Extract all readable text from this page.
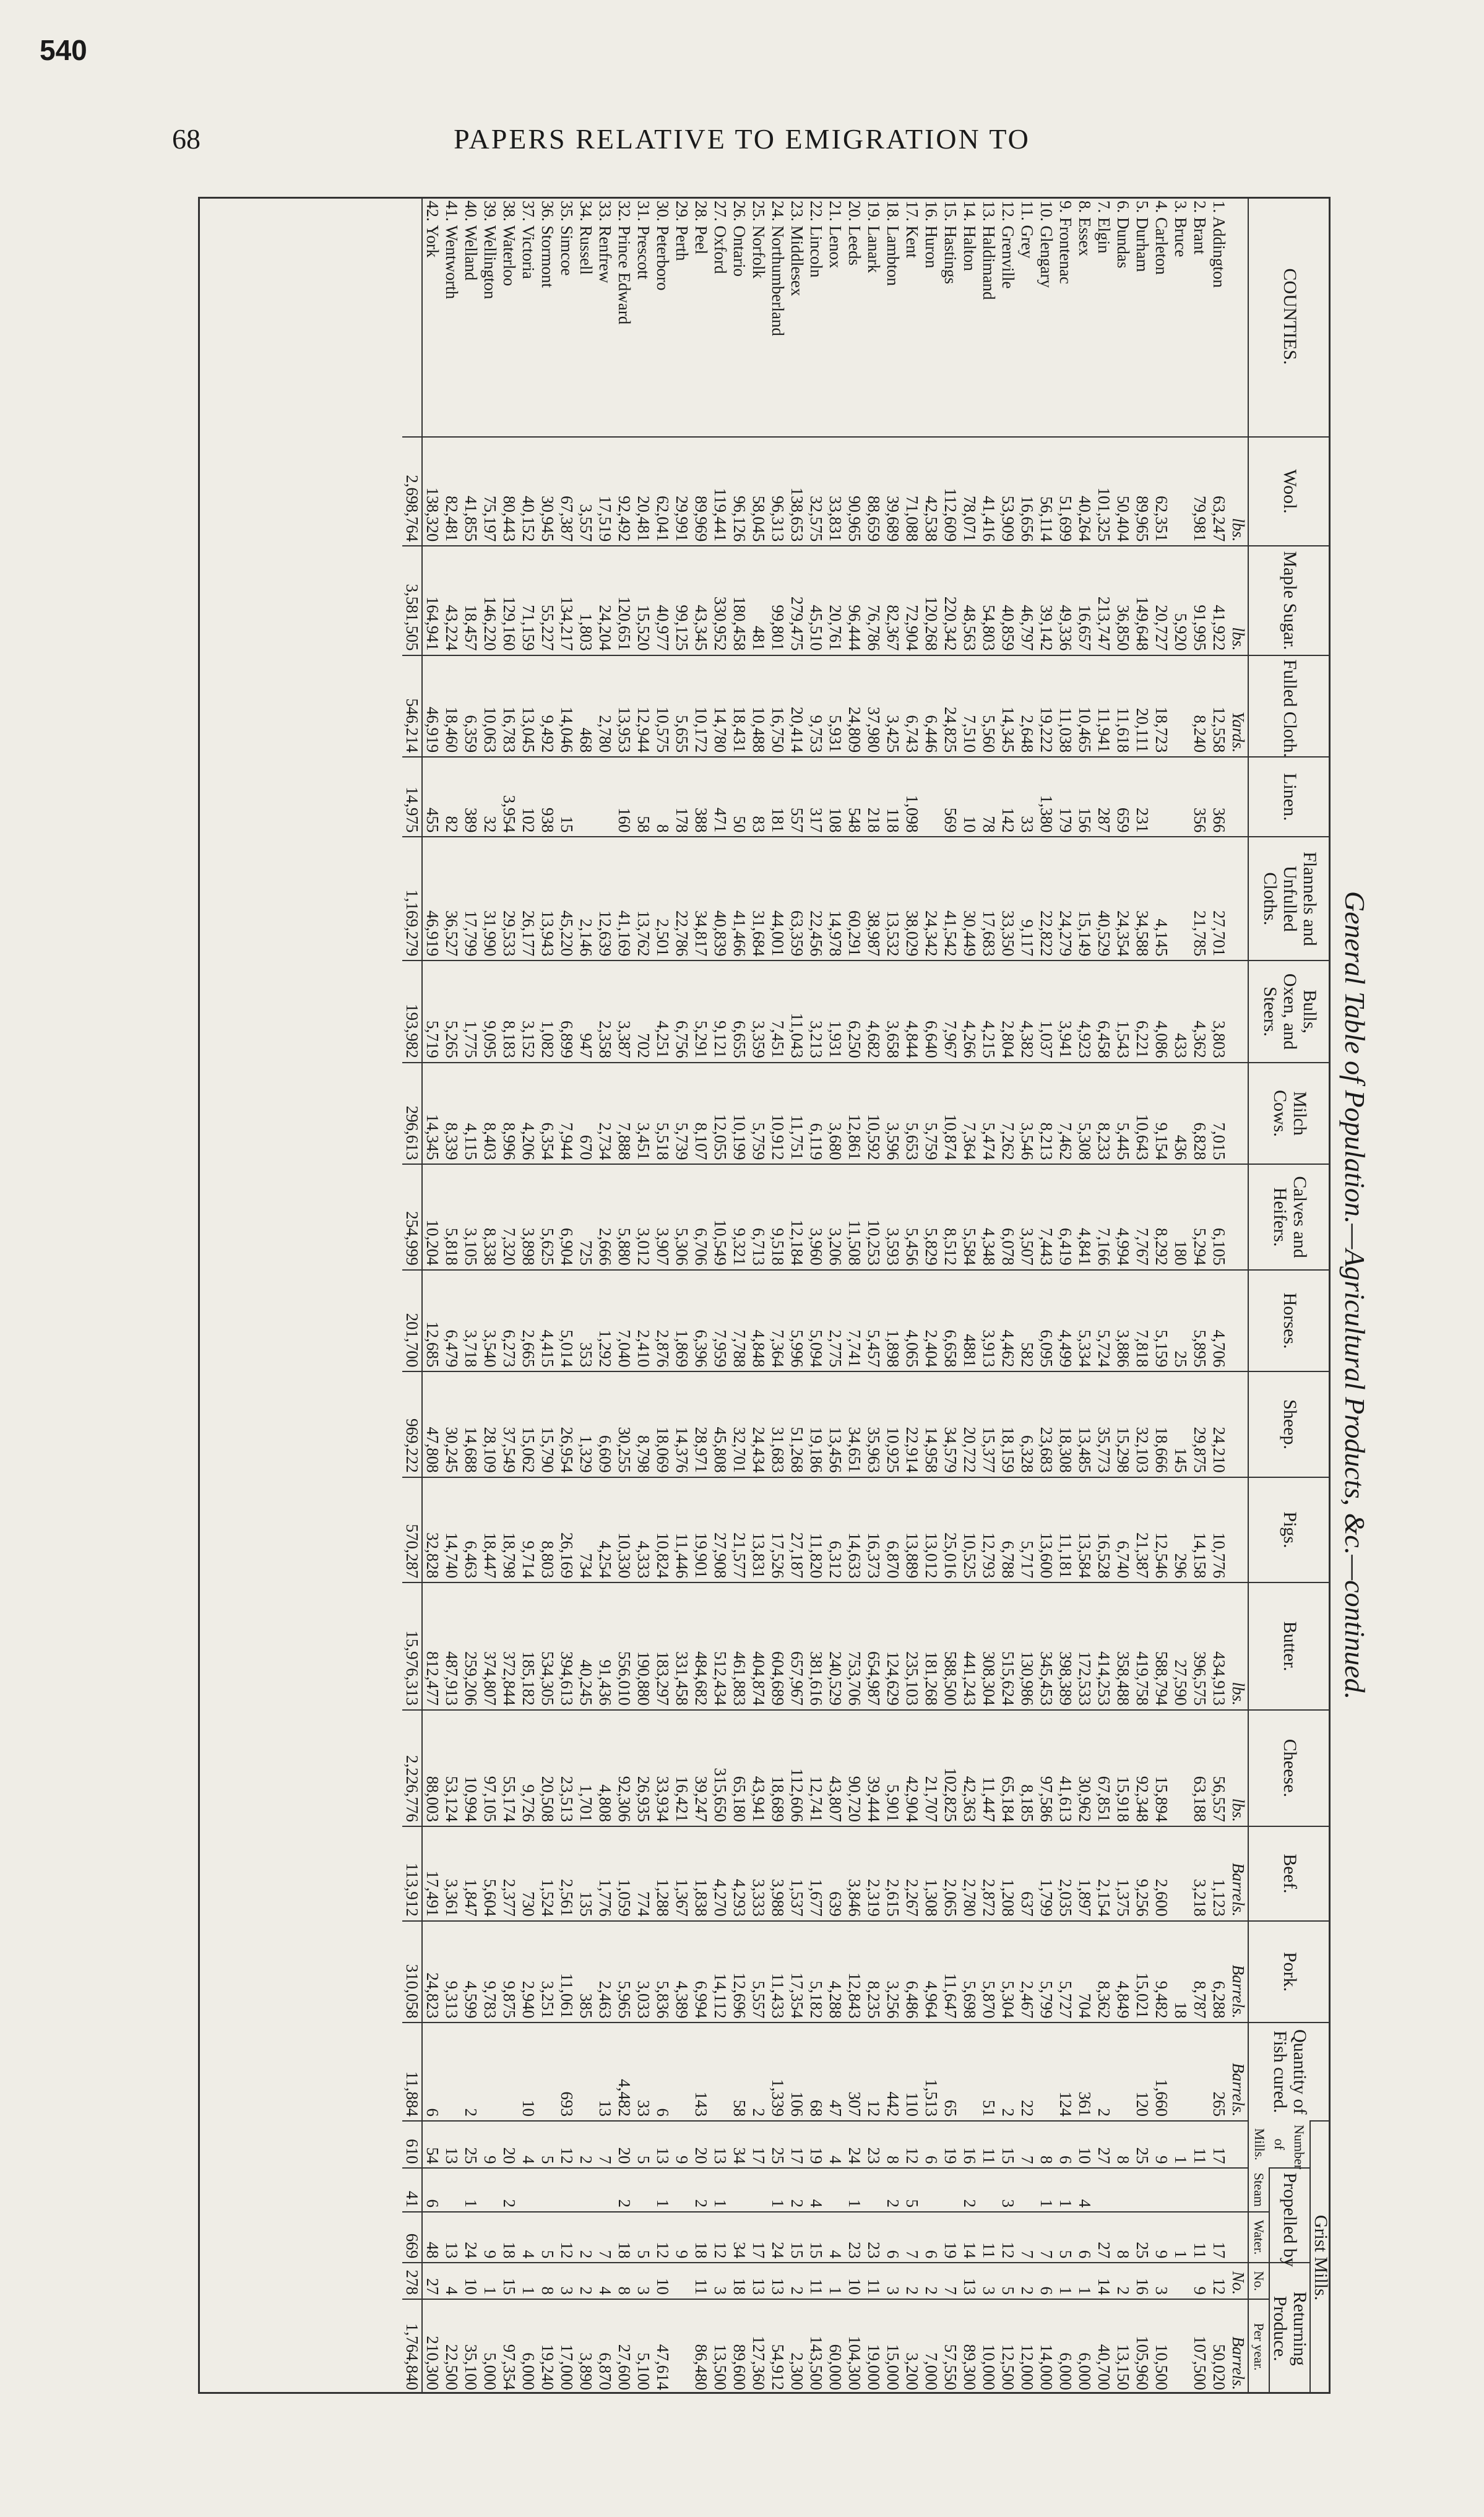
540
68	PAPERS RELATIVE TO EMIGRATION TO
General Table of Population.—Agricultural Products, &c.—continued.
COUNTIES.	Wool.	Maple Sugar.	Fulled Cloth.	Linen.	Flannels and Unfulled Cloths.	Bulls, Oxen, and Steers.	Milch Cows.	Calves and Heifers.	Horses.	Sheep.	Pigs.	Butter.	Cheese.	Beef.	Pork.	Quantity of Fish cured.	Grist Mills.				
																	Number of Mills.	Propelled by		Returning Produce.	
																		Steam	Water.	No.	Per year.
	lbs.	lbs.	Yards.									lbs.	lbs.	Barrels.	Barrels.	Barrels.				No.	Barrels.
1. Addington	63,247	41,922	12,558	366	27,701	3,803	7,015	6,105	4,706	24,210	10,776	434,913	56,557	1,123	6,288	265	17		17	12	50,020
2. Brant	79,981	91,995	8,240	356	21,785	4,362	6,828	5,294	5,895	29,875	14,158	396,575	63,188	3,218	8,787		11		11	9	107,500
3. Bruce		5,920				433	436	180	25	145	296	27,590			18		1		1		
4. Carleton	62,351	20,727	18,723		4,145	4,086	9,154	8,292	5,159	18,666	12,546	588,794	15,894	2,600	9,482	1,660	9		9	3	10,500
5. Durham	89,965	149,648	20,111	231	34,588	6,221	10,643	7,767	7,818	32,103	21,387	419,758	92,348	9,256	15,021	120	25		25	16	105,960
6. Dundas	50,404	36,850	11,618	659	24,354	1,543	5,445	4,994	3,886	15,298	6,740	358,488	15,918	1,375	4,849		8		8	2	13,150
7. Elgin	101,325	213,747	11,941	287	40,529	6,458	8,233	7,166	5,724	35,773	16,528	414,253	67,851	2,154	8,362	2	27		27	14	40,700
8. Essex	40,264	16,657	10,465	156	15,149	4,923	5,308	4,841	5,334	13,485	13,584	172,533	30,962	1,897	704	361	10	4	6	1	6,000
9. Frontenac	51,699	49,336	11,038	179	24,279	3,941	7,462	6,419	4,499	18,308	11,181	398,389	41,613	2,035	5,727	124	6	1	5	1	6,000
10. Glengary	56,114	39,142	19,222	1,380	22,822	1,037	8,213	7,443	6,095	23,683	13,600	345,453	97,586	1,799	5,799		8	1	7	6	14,000
11. Grey	16,656	46,797	2,648	33	9,117	4,382	3,546	3,507	582	6,328	5,717	130,986	8,185	637	2,467	22	7		7	2	12,000
12. Grenville	53,909	40,859	14,345	142	33,350	2,804	7,262	6,078	4,462	18,159	6,788	515,624	65,184	1,208	5,304	2	15	3	12	5	12,500
13. Haldimand	41,416	54,803	5,560	78	17,683	4,215	5,474	4,348	3,913	15,377	12,793	308,304	11,447	2,872	5,870	51	11		11	3	10,000
14. Halton	78,071	48,563	7,510	10	30,449	4,266	7,364	5,584	4881	20,722	10,525	441,243	42,363	2,780	5,698		16	2	14	13	89,300
15. Hastings	112,609	220,342	24,825	569	41,542	7,967	10,874	8,512	6,658	34,579	25,016	588,500	102,825	2,065	11,647	65	19		19	7	57,550
16. Huron	42,538	120,268	6,446		24,342	6,640	5,759	5,829	2,404	14,958	13,012	181,268	21,707	1,308	4,964	1,513	6		6	2	7,000
17. Kent	71,088	72,904	6,743	1,098	38,029	4,844	5,653	5,456	4,065	22,914	13,889	235,103	42,904	2,267	6,486	110	12	5	7	2	3,200
18. Lambton	39,689	82,367	3,425	118	13,532	3,658	3,596	3,593	1,898	10,925	6,870	124,629	5,901	2,615	3,256	442	8	2	6	3	15,000
19. Lanark	88,659	76,786	37,980	218	38,987	4,682	10,592	10,253	5,457	35,963	16,373	654,987	39,444	2,319	8,235	12	23		23	11	19,000
20. Leeds	90,965	96,444	24,809	548	60,291	6,250	12,861	11,508	7,741	34,651	14,633	753,706	90,720	3,846	12,843	307	24	1	23	10	104,300
21. Lenox	33,831	20,761	5,931	108	14,978	1,931	3,680	3,206	2,775	13,456	6,312	240,529	43,807	639	4,288	47	4		4	1	60,000
22. Lincoln	32,575	45,510	9,753	317	22,456	3,213	6,119	3,960	5,094	19,186	11,820	381,616	12,741	1,677	5,182	68	19	4	15	11	143,500
23. Middlesex	138,653	279,475	20,414	557	63,359	11,043	11,751	12,184	5,996	51,268	27,187	657,967	112,606	1,537	17,354	106	17	2	15	2	2,300
24. Northumberland	96,313	99,801	16,750	181	44,001	7,451	10,912	9,518	7,364	31,683	17,526	604,689	18,689	3,988	11,433	1,339	25	1	24	13	54,912
25. Norfolk	58,045	481	10,488	83	31,684	3,359	5,759	6,713	4,848	24,434	13,831	404,874	43,941	3,333	5,557	2	17		17	13	127,360
26. Ontario	96,126	180,458	18,431	50	41,466	6,655	10,199	9,321	7,788	32,701	21,577	461,883	65,180	4,293	12,696	58	34		34	18	89,600
27. Oxford	119,441	330,952	14,780	471	40,839	9,121	12,055	10,549	7,959	45,808	27,908	512,434	315,650	4,270	14,112		13	1	12	3	13,500
28. Peel	89,969	43,345	10,172	388	34,817	5,291	8,107	6,706	6,396	28,971	19,901	484,682	39,247	1,838	6,994	143	20	2	18	11	86,480
29. Perth	29,991	99,125	5,655	178	22,786	6,756	5,739	5,306	1,869	14,376	11,446	331,458	16,421	1,367	4,389		9		9		
30. Peterboro	62,041	40,977	10,575	8	2,501	4,251	5,518	3,907	2,876	18,069	10,824	183,297	33,934	1,288	5,836	6	13	1	12	10	47,614
31. Prescott	20,481	15,520	12,944	58	13,762	702	3,451	3,012	2,410	8,798	4,333	190,880	26,935	774	3,033	33	5		5	3	5,100
32. Prince Edward	92,492	120,651	13,953	160	41,169	3,387	7,888	5,880	7,040	30,255	10,330	556,010	92,306	1,059	5,965	4,482	20	2	18	8	27,600
33. Renfrew	17,519	24,204	2,780		12,639	2,358	2,734	2,666	1,292	6,609	4,254	91,436	4,808	1,776	2,463	13	7		7	4	6,870
34. Russell	3,557	1,803	468		2,146	947	670	725	353	1,329	734	40,245	1,701	135	385		2		2	2	3,890
35. Simcoe	67,387	134,217	14,046	15	45,220	6,899	7,944	6,904	5,014	26,954	26,169	394,613	23,513	2,561	11,061	693	12		12	3	17,000
36. Stormont	30,945	55,227	9,492	938	13,943	1,082	6,354	5,625	4,415	15,790	8,803	534,305	20,508	1,524	3,251		5		5	8	19,240
37. Victoria	40,152	71,159	13,045	102	26,177	3,152	4,206	3,898	2,665	15,062	9,714	185,182	9,726	730	2,940	10	4		4	1	6,000
38. Waterloo	80,443	129,160	16,783	3,954	29,533	8,183	8,996	7,320	6,273	37,549	18,798	372,844	55,174	2,377	9,875		20	2	18	15	97,354
39. Wellington	75,197	146,220	10,063	32	31,990	9,095	8,403	8,338	3,540	28,109	18,447	374,807	97,105	5,604	9,783		9		9	1	5,000
40. Welland	41,855	18,457	6,359	389	17,799	1,775	4,115	3,105	3,718	14,688	6,463	259,206	10,994	1,847	4,599	2	25	1	24	10	35,100
41. Wentworth	82,481	43,224	18,460	82	36,527	5,265	8,339	5,818	6,479	30,245	14,740	487,913	53,124	3,361	9,313		13		13	4	22,500
42. York	138,320	164,941	46,919	455	46,919	5,719	14,345	10,204	12,685	47,808	32,828	812,477	88,003	17,491	24,823	6	54	6	48	27	210,300
	2,698,764	3,581,505	546,214	14,975	1,169,279	193,982	296,613	254,999	201,700	969,222	570,287	15,976,313	2,226,776	113,912	310,058	11,884	610	41	669	278	1,764,840
